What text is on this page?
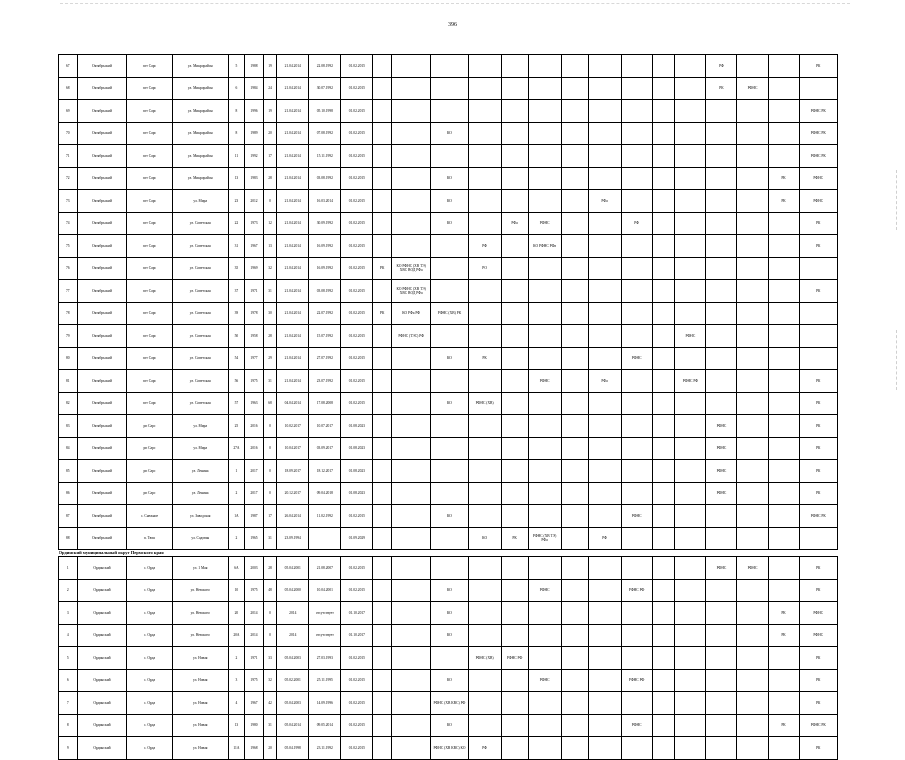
396
67	Октябрьский	пгт Сарс	ул. Микрорайон	5	1988	19	21.04.2014	22.08.1992	01.02.2015												РФ			РК
68	Октябрьский	пгт Сарс	ул. Микрорайон	6	1984	24	21.04.2014	30.07.1992	01.02.2015												РК	РФНС		
69	Октябрьский	пгт Сарс	ул. Микрорайон	8	1996	19	21.04.2014	05.10.1998	01.02.2015															РФНС РК
70	Октябрьский	пгт Сарс	ул. Микрорайон	8	1989	20	21.04.2014	07.08.1992	01.02.2015			КО												РФНС РК
71	Октябрьский	пгт Сарс	ул. Микрорайон	11	1992	17	21.04.2014	15.11.1992	01.02.2015															РФНС РК
72	Октябрьский	пгт Сарс	ул. Микрорайон	13	1983	28	21.04.2014	03.08.1992	01.02.2015			КО											РК	РФНС
73	Октябрьский	пгт Сарс	ул. Мира	23	2012	0	21.04.2014	16.03.2014	01.02.2015			КО					РФа						РК	РФНС
74	Октябрьский	пгт Сарс	ул. Советская	22	1973	12	21.04.2014	30.09.1992	01.02.2015			КО		РФа	РФНС			РФ						РК
75	Октябрьский	пгт Сарс	ул. Советская	31	1967	13	21.04.2014	16.09.1992	01.02.2015				РФ		КО РФНС РФа									РК
76	Октябрьский	пгт Сарс	ул. Советская	35	1969	32	21.04.2014	16.09.1992	01.02.2015	РК	КО РФНС (ХВ ТЭ) ХВС ВОД РФа		РО											
77	Октябрьский	пгт Сарс	ул. Советская	37	1971	31	21.04.2014	03.08.1992	01.02.2015		КО РФНС (ХВ ТЭ) ХВС ВОД РФа													РК
78	Октябрьский	пгт Сарс	ул. Советская	39	1978	30	21.04.2014	22.07.1992	01.02.2015	РК	КО РФа РФ	РФНС (ХВ) РК												
79	Октябрьский	пгт Сарс	ул. Советская	50	1958	28	21.04.2014	15.07.1992	01.02.2015		РФНС (ТЭС) РФ									РФНС				
80	Октябрьский	пгт Сарс	ул. Советская	54	1977	29	21.04.2014	27.07.1992	01.02.2015			КО	РК					РФНС						
81	Октябрьский	пгт Сарс	ул. Советская	56	1975	31	21.04.2014	23.07.1992	01.02.2015						РФНС		РФа			РФНС РФ				РК
82	Октябрьский	пгт Сарс	ул. Советская	57	1963	68	04.04.2014	17.08.2008	01.02.2015			КО	РФНС (ХВ)											РК
83	Октябрьский	рп Сарс	ул. Мира	25	2016	0	10.02.2017	10.07.2017	01.08.2023												РФНС			РК
84	Октябрьский	рп Сарс	ул. Мира	27А	2016	0	10.04.2017	03.09.2017	01.08.2023												РФНС			РК
85	Октябрьский	рп Сарс	ул. Ленина	1	2017	0	18.09.2017	18.12.2017	01.08.2023												РФНС			РК
86	Октябрьский	рп Сарс	ул. Ленина	2	2017	0	20.12.2017	09.04.2018	01.08.2023												РФНС			РК
87	Октябрьский	с. Снежное	ул. Заводская	1А	1987	17	26.04.2014	11.02.1992	01.02.2015			КО						РФНС						РФНС РК
88	Октябрьский	п. Тюш	ул. Садовая	2	1965	31	23.09.1994		01.09.2029				КО	РК	РФНС (ХВ ТЭ) РФа		РФ							
Ординский муниципальный округ Пермского края																								
1	Ординский	с. Орда	ул. 1 Мая	6А	2003	28	05.04.2001	21.08.2007	01.02.2015												РФНС	РФНС		РК
2	Ординский	с. Орда	ул. Невского	10	1975	48	05.04.2000	10.04.2001	01.02.2015			КО			РФНС			РФНС РФ						РК
3	Ординский	с. Орда	ул. Невского	20	2014	0	2014	отсутствует	01.10.2017			КО											РК	РФНС
4	Ординский	с. Орда	ул. Невского	20А	2014	0	2014	отсутствует	01.10.2017			КО											РК	РФНС
5	Ординский	с. Орда	ул. Новая	2	1971	33	05.04.2003	27.03.1993	01.02.2015				РФНС (ХВ)	РФНС РФ										РК
6	Ординский	с. Орда	ул. Новая	3	1975	32	05.02.2001	25.11.1995	01.02.2015			КО			РФНС			РФНС РФ						РК
7	Ординский	с. Орда	ул. Новая	4	1967	42	05.04.2003	14.09.1996	01.02.2015			РФНС (ХВ КВС) РФ												РК
8	Ординский	с. Орда	ул. Новая	13	1980	31	05.04.2014	09.05.2014	01.02.2015			КО						РФНС					РК	РФНС РК
9	Ординский	с. Орда	ул. Новая	11А	1968	20	05.04.1998	23.11.1992	01.02.2015			РФНС (ХВ КВС) КО	РФ											РК
